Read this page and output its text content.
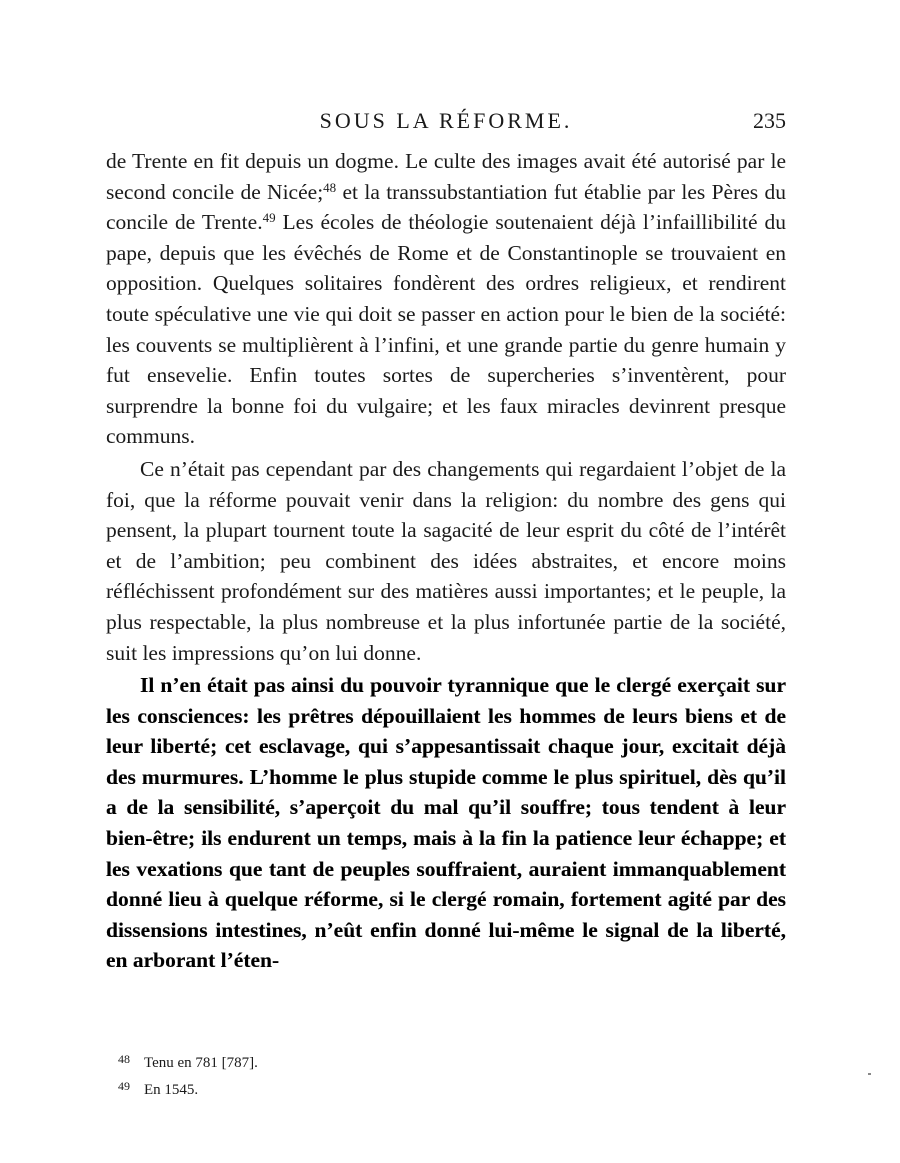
SOUS LA RÉFORME.	235

de Trente en fit depuis un dogme. Le culte des images avait été autorisé par le second concile de Nicée;$^{48}$ et la transsubstantiation fut établie par les Pères du concile de Trente.$^{49}$ Les écoles de théologie soutenaient déjà l’infaillibilité du pape, depuis que les évêchés de Rome et de Constantinople se trouvaient en opposition. Quelques solitaires fondèrent des ordres religieux, et rendirent toute spéculative une vie qui doit se passer en action pour le bien de la société: les couvents se multiplièrent à l’infini, et une grande partie du genre humain y fut ensevelie. Enfin toutes sortes de supercheries s’inventèrent, pour surprendre la bonne foi du vulgaire; et les faux miracles devinrent presque communs.

Ce n’était pas cependant par des changements qui regardaient l’objet de la foi, que la réforme pouvait venir dans la religion: du nombre des gens qui pensent, la plupart tournent toute la sagacité de leur esprit du côté de l’intérêt et de l’ambition; peu combinent des idées abstraites, et encore moins réfléchissent profondément sur des matières aussi importantes; et le peuple, la plus respectable, la plus nombreuse et la plus infortunée partie de la société, suit les impressions qu’on lui donne.

Il n’en était pas ainsi du pouvoir tyrannique que le clergé exerçait sur les consciences: les prêtres dépouillaient les hommes de leurs biens et de leur liberté; cet esclavage, qui s’appesantissait chaque jour, excitait déjà des murmures. L’homme le plus stupide comme le plus spirituel, dès qu’il a de la sensibilité, s’aperçoit du mal qu’il souffre; tous tendent à leur bien-être; ils endurent un temps, mais à la fin la patience leur échappe; et les vexations que tant de peuples souffraient, auraient immanquablement donné lieu à quelque réforme, si le clergé romain, fortement agité par des dissensions intestines, n’eût enfin donné lui-même le signal de la liberté, en arborant l’éten-

48 Tenu en 781 [787].
49 En 1545.
